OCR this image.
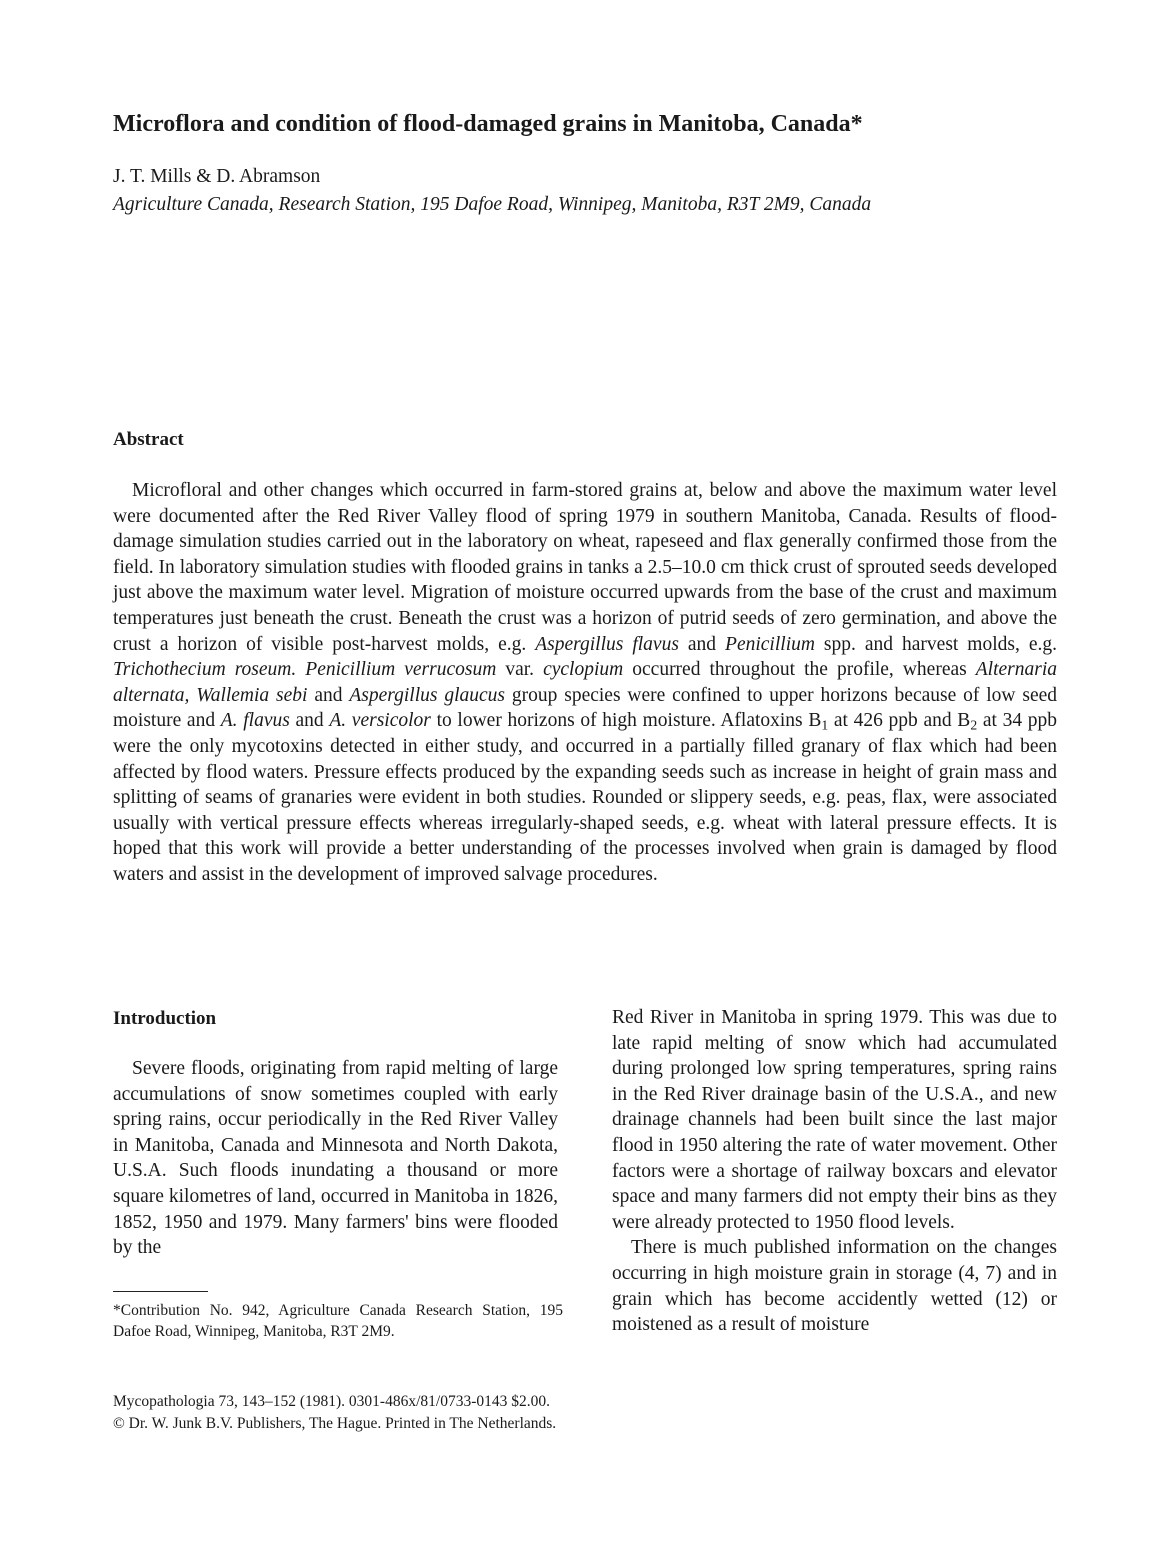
Microflora and condition of flood-damaged grains in Manitoba, Canada*

J. T. Mills & D. Abramson

Agriculture Canada, Research Station, 195 Dafoe Road, Winnipeg, Manitoba, R3T 2M9, Canada

Abstract

Microfloral and other changes which occurred in farm-stored grains at, below and above the maximum water level were documented after the Red River Valley flood of spring 1979 in southern Manitoba, Canada. Results of flood-damage simulation studies carried out in the laboratory on wheat, rapeseed and flax generally confirmed those from the field. In laboratory simulation studies with flooded grains in tanks a 2.5–10.0 cm thick crust of sprouted seeds developed just above the maximum water level. Migration of moisture occurred upwards from the base of the crust and maximum temperatures just beneath the crust. Beneath the crust was a horizon of putrid seeds of zero germination, and above the crust a horizon of visible post-harvest molds, e.g. Aspergillus flavus and Penicillium spp. and harvest molds, e.g. Trichothecium roseum. Penicillium verrucosum var. cyclopium occurred throughout the profile, whereas Alternaria alternata, Wallemia sebi and Aspergillus glaucus group species were confined to upper horizons because of low seed moisture and A. flavus and A. versicolor to lower horizons of high moisture. Aflatoxins $B_1$ at 426 ppb and $B_2$ at 34 ppb were the only mycotoxins detected in either study, and occurred in a partially filled granary of flax which had been affected by flood waters. Pressure effects produced by the expanding seeds such as increase in height of grain mass and splitting of seams of granaries were evident in both studies. Rounded or slippery seeds, e.g. peas, flax, were associated usually with vertical pressure effects whereas irregularly-shaped seeds, e.g. wheat with lateral pressure effects. It is hoped that this work will provide a better understanding of the processes involved when grain is damaged by flood waters and assist in the development of improved salvage procedures.

Introduction

Severe floods, originating from rapid melting of large accumulations of snow sometimes coupled with early spring rains, occur periodically in the Red River Valley in Manitoba, Canada and Minnesota and North Dakota, U.S.A. Such floods inundating a thousand or more square kilometres of land, occurred in Manitoba in 1826, 1852, 1950 and 1979. Many farmers' bins were flooded by the

*Contribution No. 942, Agriculture Canada Research Station, 195 Dafoe Road, Winnipeg, Manitoba, R3T 2M9.

Red River in Manitoba in spring 1979. This was due to late rapid melting of snow which had accumulated during prolonged low spring temperatures, spring rains in the Red River drainage basin of the U.S.A., and new drainage channels had been built since the last major flood in 1950 altering the rate of water movement. Other factors were a shortage of railway boxcars and elevator space and many farmers did not empty their bins as they were already protected to 1950 flood levels.

There is much published information on the changes occurring in high moisture grain in storage (4, 7) and in grain which has become accidently wetted (12) or moistened as a result of moisture

Mycopathologia 73, 143–152 (1981). 0301-486x/81/0733-0143 $2.00.
© Dr. W. Junk B.V. Publishers, The Hague. Printed in The Netherlands.
